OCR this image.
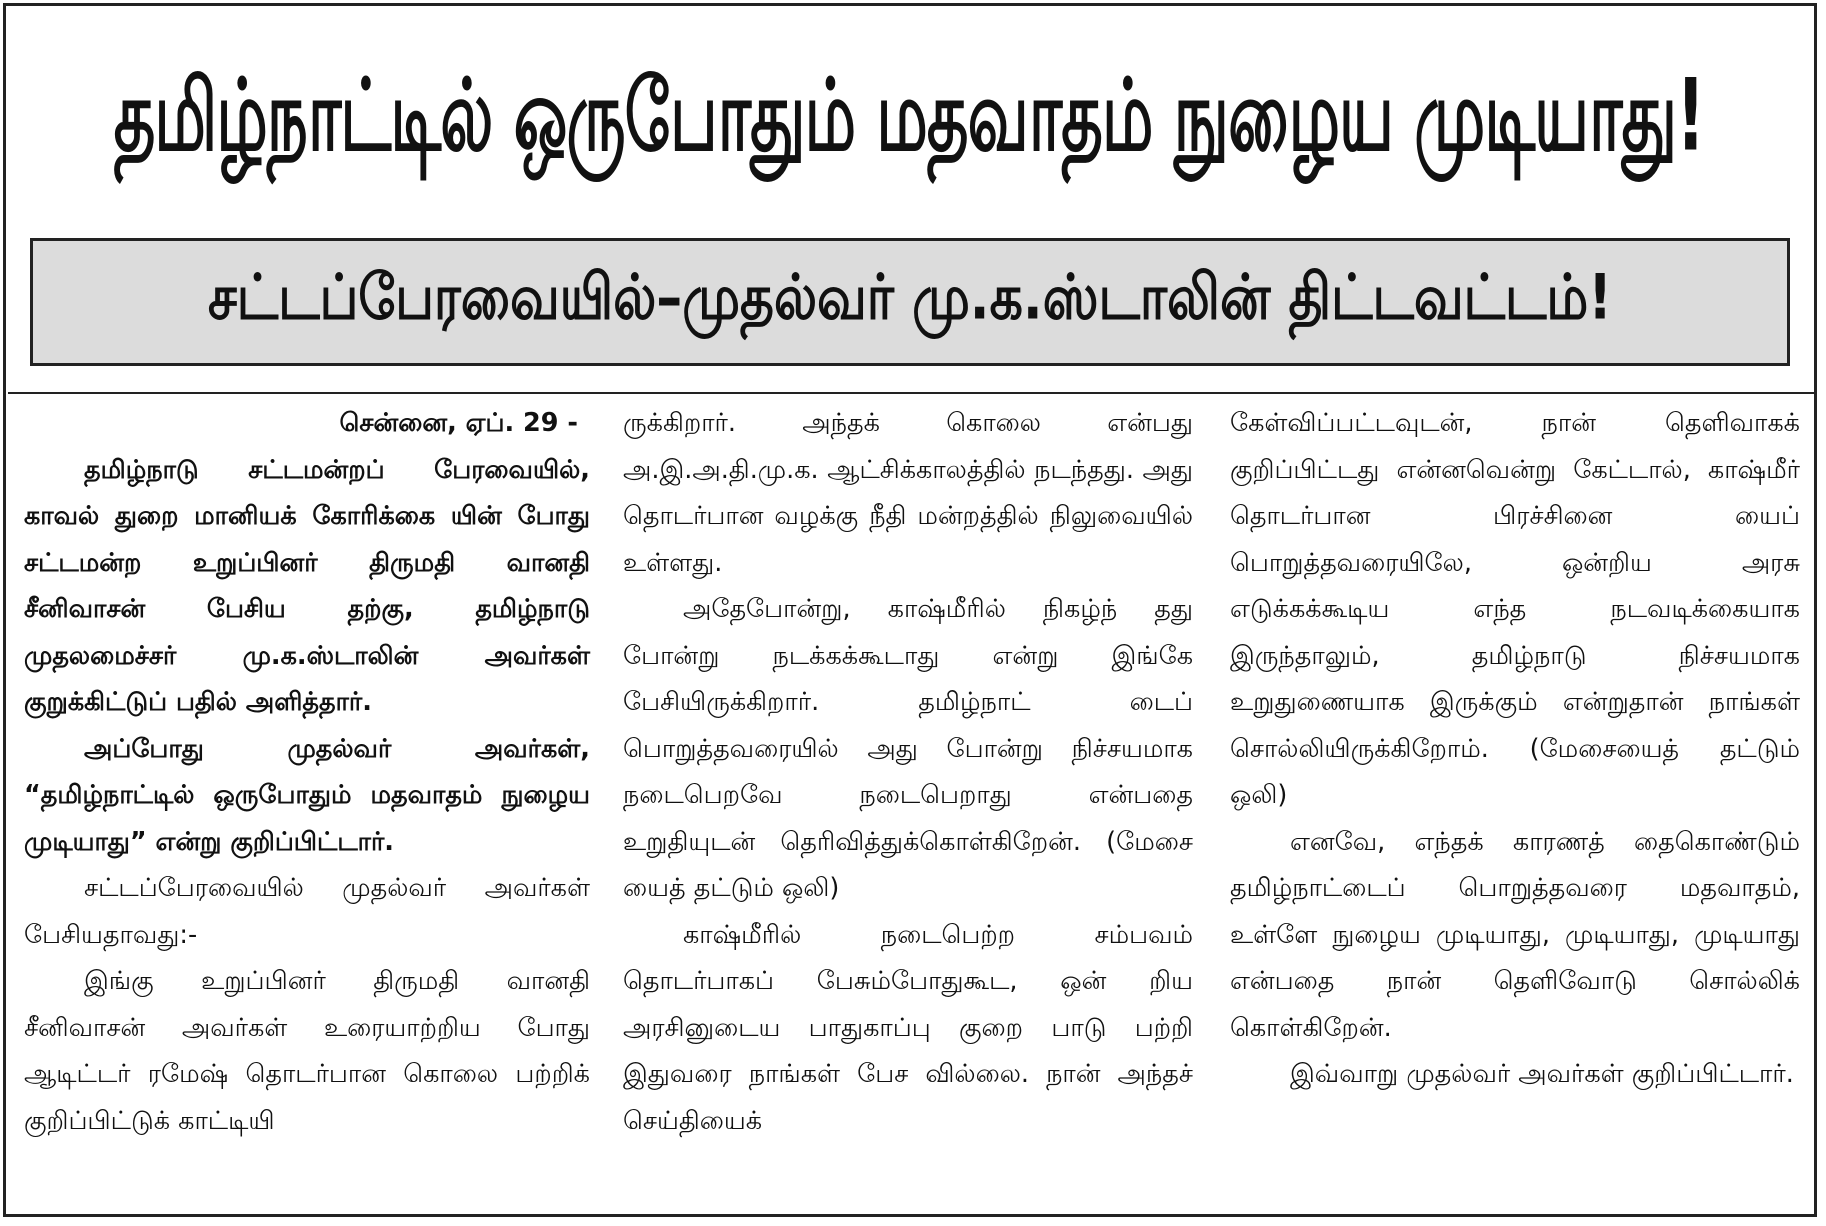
தமிழ்நாட்டில் ஒருபோதும் மதவாதம் நுழைய முடியாது!
சட்டப்பேரவையில்–முதல்வர் மு.க.ஸ்டாலின் திட்டவட்டம்!

சென்னை, ஏப். 29 -

தமிழ்நாடு சட்டமன்றப் பேரவையில், காவல் துறை மானியக் கோரிக்கை யின் போது சட்டமன்ற உறுப்பினர் திருமதி வானதி சீனிவாசன் பேசிய தற்கு, தமிழ்நாடு முதலமைச்சர் மு.க.ஸ்டாலின் அவர்கள் குறுக்கிட்டுப் பதில் அளித்தார்.

அப்போது முதல்வர் அவர்கள், “தமிழ்நாட்டில் ஒருபோதும் மதவாதம் நுழைய முடியாது” என்று குறிப்பிட்டார்.

சட்டப்பேரவையில் முதல்வர் அவர்கள் பேசியதாவது:-

இங்கு உறுப்பினர் திருமதி வானதி சீனிவாசன் அவர்கள் உரையாற்றிய போது ஆடிட்டர் ரமேஷ் தொடர்பான கொலை பற்றிக் குறிப்பிட்டுக் காட்டியி

ருக்கிறார். அந்தக் கொலை என்பது அ.இ.அ.தி.மு.க. ஆட்சிக்காலத்தில் நடந்தது. அது தொடர்பான வழக்கு நீதி மன்றத்தில் நிலுவையில் உள்ளது.

அதேபோன்று, காஷ்மீரில் நிகழ்ந் தது போன்று நடக்கக்கூடாது என்று இங்கே பேசியிருக்கிறார். தமிழ்நாட் டைப் பொறுத்தவரையில் அது போன்று நிச்சயமாக நடைபெறவே நடைபெறாது என்பதை உறுதியுடன் தெரிவித்துக்கொள்கிறேன். (மேசை யைத் தட்டும் ஒலி)

காஷ்மீரில் நடைபெற்ற சம்பவம் தொடர்பாகப் பேசும்போதுகூட, ஒன் றிய அரசினுடைய பாதுகாப்பு குறை பாடு பற்றி இதுவரை நாங்கள் பேச வில்லை. நான் அந்தச் செய்தியைக்

கேள்விப்பட்டவுடன், நான் தெளிவாகக் குறிப்பிட்டது என்னவென்று கேட்டால், காஷ்மீர் தொடர்பான பிரச்சினை யைப் பொறுத்தவரையிலே, ஒன்றிய அரசு எடுக்கக்கூடிய எந்த நடவடிக்கையாக இருந்தாலும், தமிழ்நாடு நிச்சயமாக உறுதுணையாக இருக்கும் என்றுதான் நாங்கள் சொல்லியிருக்கிறோம். (மேசையைத் தட்டும் ஒலி)

எனவே, எந்தக் காரணத் தைகொண்டும் தமிழ்நாட்டைப் பொறுத்தவரை மதவாதம், உள்ளே நுழைய முடியாது, முடியாது, முடியாது என்பதை நான் தெளிவோடு சொல்லிக் கொள்கிறேன்.

இவ்வாறு முதல்வர் அவர்கள் குறிப்பிட்டார்.
